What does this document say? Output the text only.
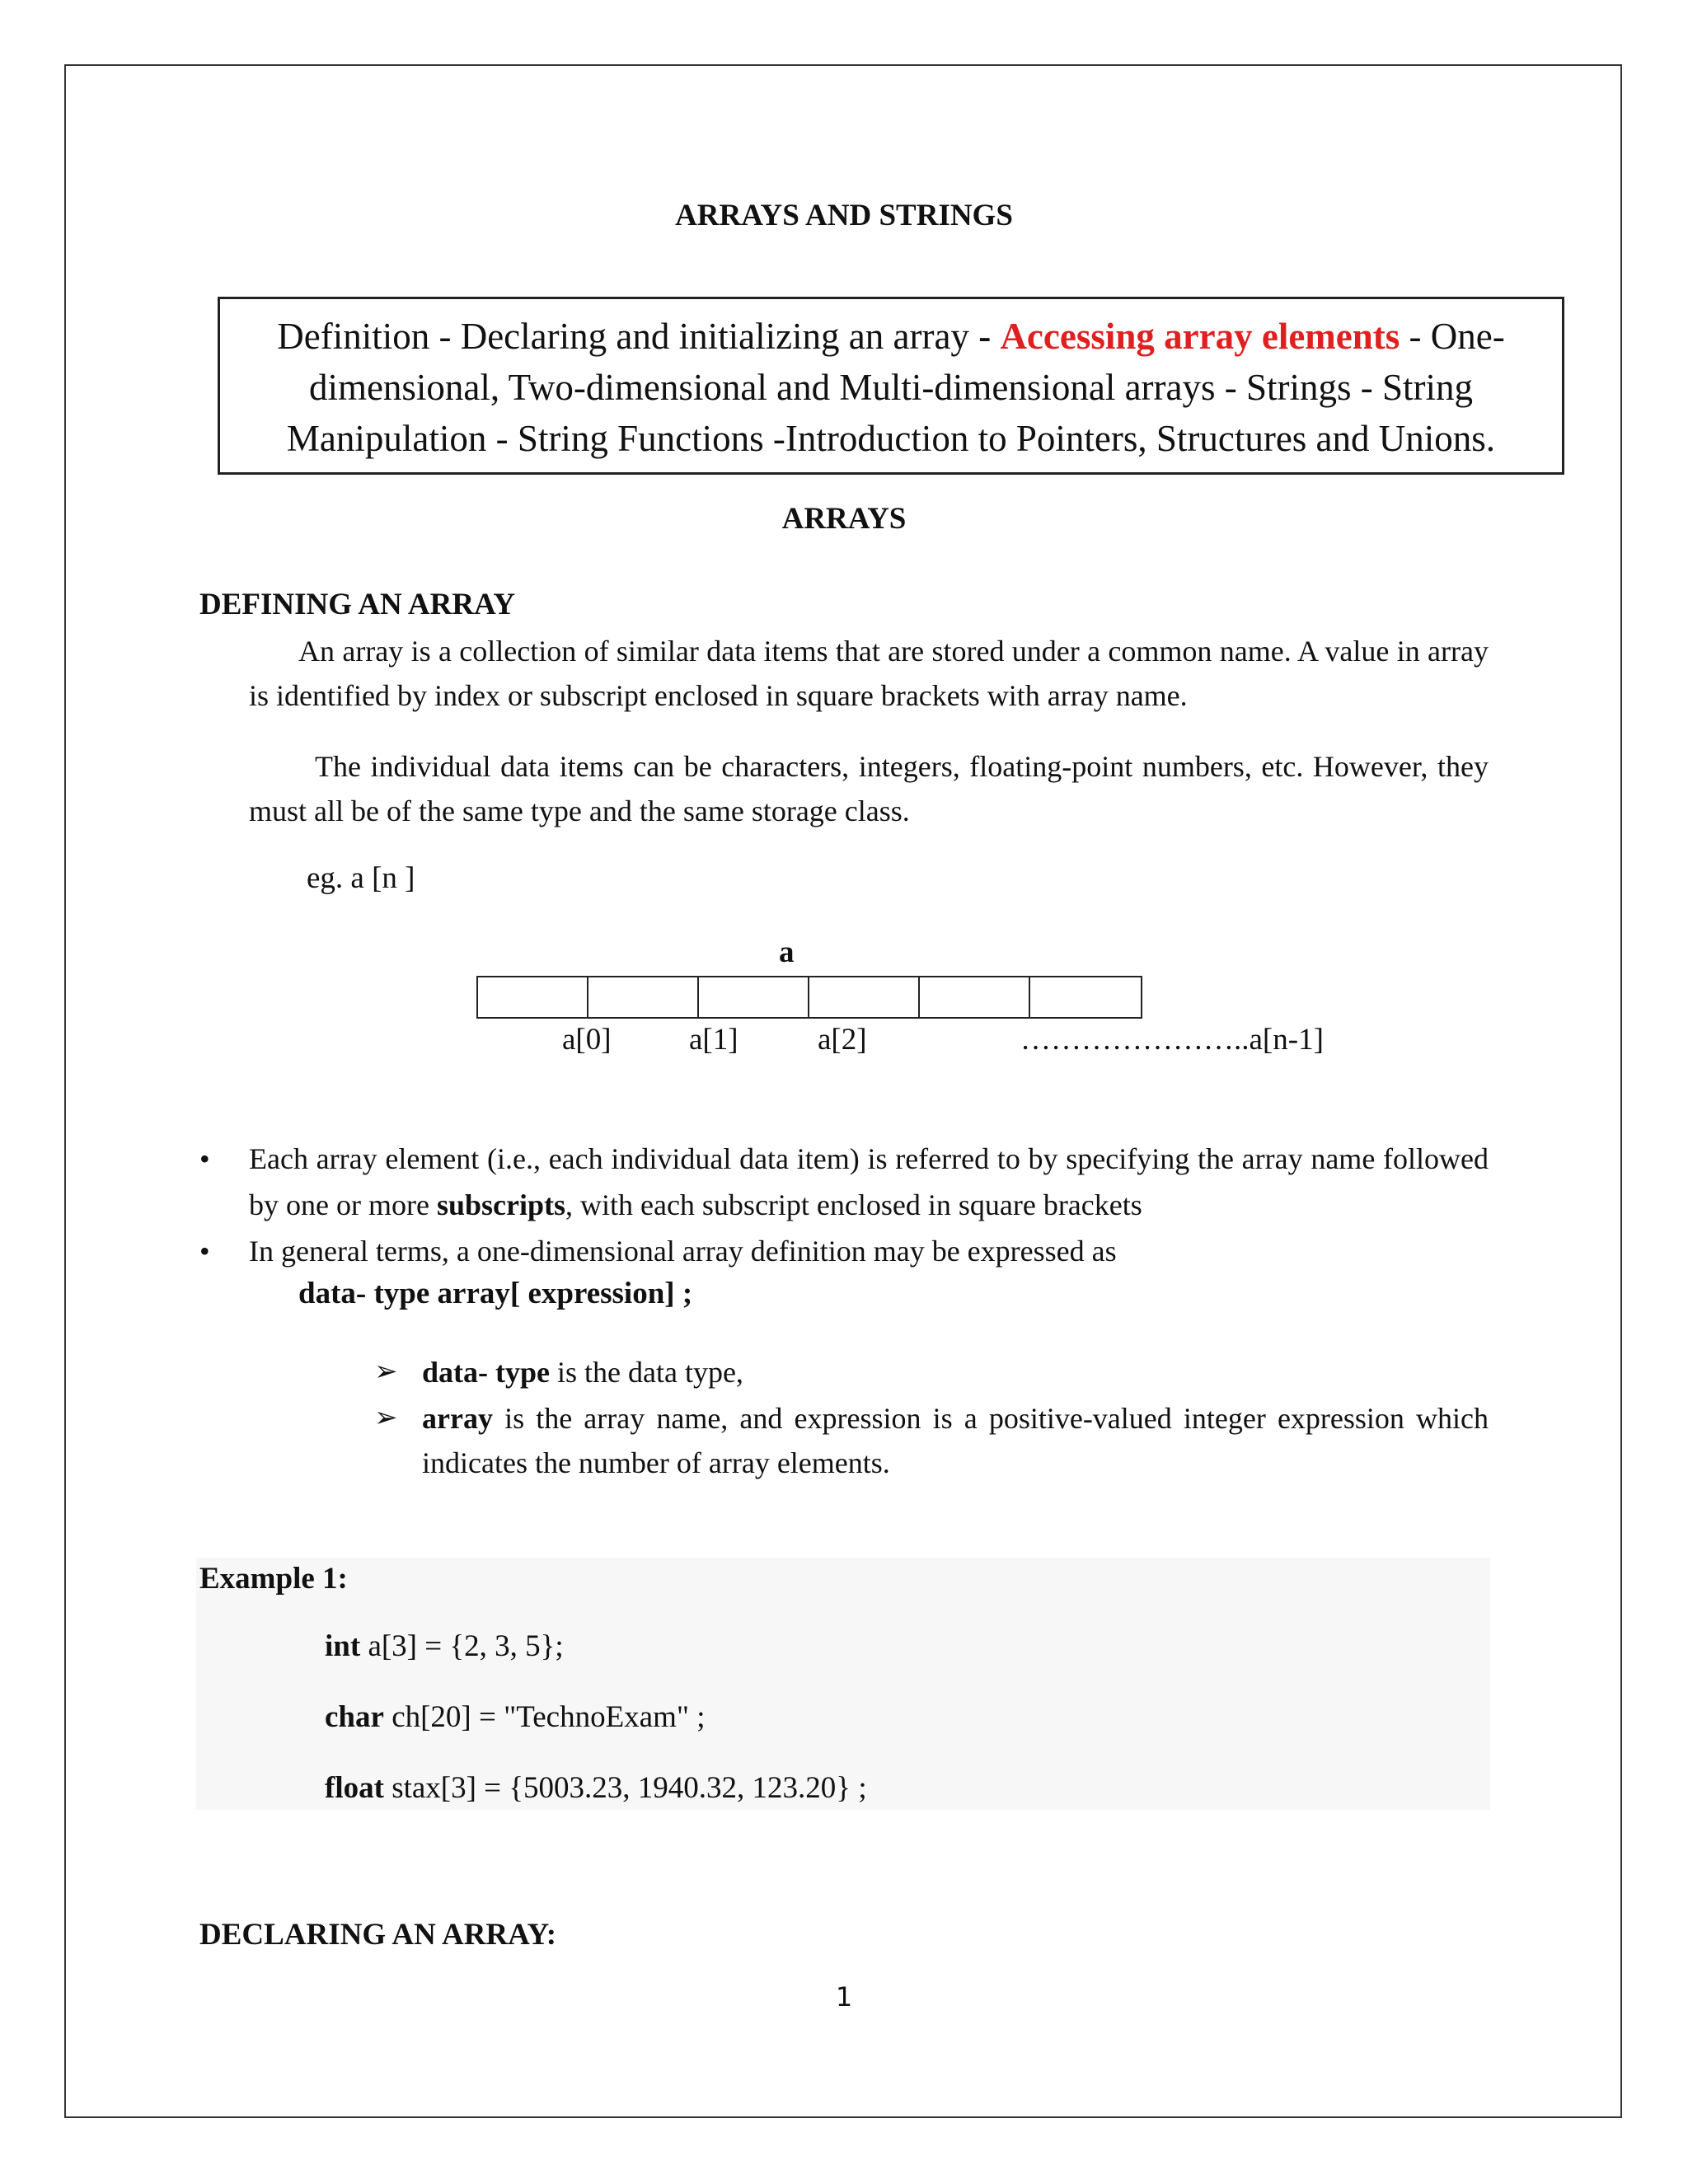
ARRAYS AND STRINGS
Definition - Declaring and initializing an array - Accessing array elements - One-dimensional, Two-dimensional and Multi-dimensional arrays - Strings - String Manipulation - String Functions -Introduction to Pointers, Structures and Unions.
ARRAYS
DEFINING AN ARRAY
An array is a collection of similar data items that are stored under a common name. A value in array is identified by index or subscript enclosed in square brackets with array name.
The individual data items can be characters, integers, floating-point numbers, etc. However, they must all be of the same type and the same storage class.
eg. a [n ]
a
a[0]	a[1]	a[2]	…………………..a[n-1]
• Each array element (i.e., each individual data item) is referred to by specifying the array name followed by one or more subscripts, with each subscript enclosed in square brackets
• In general terms, a one-dimensional array definition may be expressed as
data- type array[ expression] ;
➢ data- type is the data type,
➢ array is the array name, and expression is a positive-valued integer expression which indicates the number of array elements.
Example 1:
int a[3] = {2, 3, 5};
char ch[20] = "TechnoExam" ;
float stax[3] = {5003.23, 1940.32, 123.20} ;
DECLARING AN ARRAY:
1
